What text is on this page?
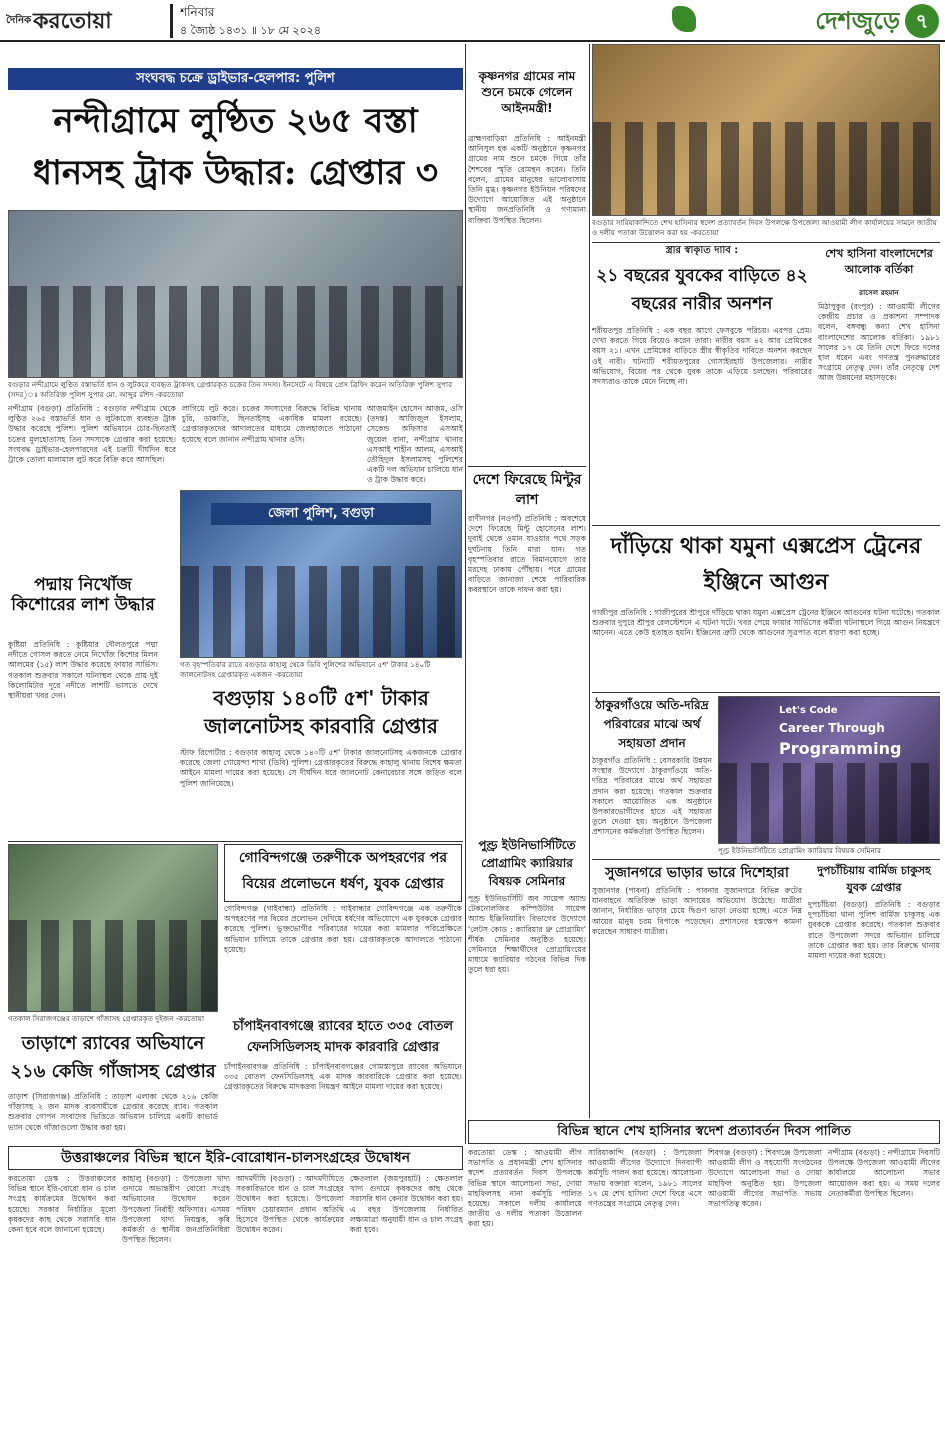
$^{দৈনিক}$করতোয়া	শনিবার
৪ জ্যৈষ্ঠ ১৪৩১ ॥ ১৮ মে ২০২৪	দেশজুড়ে ৭
সংঘবদ্ধ চক্রে ড্রাইভার-হেলপার: পুলিশ
নন্দীগ্রামে লুণ্ঠিত ২৬৫ বস্তা ধানসহ ট্রাক উদ্ধার: গ্রেপ্তার ৩
বগুড়ার নন্দীগ্রামে লুণ্ঠিত বস্তাভর্তি ধান ও লুটকরে ব্যবহৃত ট্রাকসহ গ্রেপ্তারকৃত চক্রের তিন সদস্য। ইনসেটে এ বিষয়ে প্রেস ব্রিফিং করেন অতিরিক্ত পুলিশ সুপার (সদর)ঃ অতিরিক্ত পুলিশ সুপার মো. আব্দুর রশিদ -করতোয়া
নন্দীগ্রাম (বগুড়া) প্রতিনিধি : বগুড়ার নন্দীগ্রাম থেকে লুণ্ঠিত ২৬৫ বস্তাভর্তি ধান ও লুটকাজে ব্যবহৃত ট্রাক উদ্ধার করেছে পুলিশ। পুলিশ অভিযানে চোর-ছিনতাই চক্রের মূলহোতাসহ তিন সদস্যকে গ্রেপ্তার করা হয়েছে। সংঘবদ্ধ ড্রাইভার-হেলপারদের এই চক্রটি দীর্ঘদিন ধরে ট্রাকে তোলা মালামাল লুট করে বিক্রি করে আসছিল।
লাগিয়ে লুট করে। চক্রের সদস্যদের বিরুদ্ধে বিভিন্ন থানায় চুরি, ডাকাতি, ছিনতাইসহ একাধিক মামলা রয়েছে। গ্রেপ্তারকৃতদের আদালতের মাধ্যমে জেলহাজতে পাঠানো হয়েছে বলে জানান নন্দীগ্রাম থানার ওসি।
আজমাইন হোসেন আজম, ওসি (তদন্ত) আজিজুল ইসলাম, সেকেন্ড অফিসার এসআই জুয়েল রানা, নন্দীগ্রাম থানার এসআই শাহীন আলম, এসআই তৌহিদুল ইসলামসহ পুলিশের একটি দল অভিযান চালিয়ে ধান ও ট্রাক উদ্ধার করে।
পদ্মায় নিখোঁজ কিশোরের লাশ উদ্ধার
কুষ্টিয়া প্রতিনিধি : কুষ্টিয়ার দৌলতপুরে পদ্মা নদীতে গোসল করতে নেমে নিখোঁজ কিশোর মিলন আলমের (১৫) লাশ উদ্ধার করেছে ফায়ার সার্ভিস। গতকাল শুক্রবার সকালে ঘটনাস্থল থেকে প্রায় দুই কিলোমিটার দূরে নদীতে লাশটি ভাসতে দেখে স্থানীয়রা খবর দেন।
জেলা পুলিশ, বগুড়া
গত বৃহস্পতিবার রাতে বগুড়ার কাহালু থেকে ডিবি পুলিশের অভিযানে ৫শ' টাকার ১৪০টি জালনোটসহ গ্রেপ্তারকৃত একজন -করতোয়া
বগুড়ায় ১৪০টি ৫শ' টাকার জালনোটসহ কারবারি গ্রেপ্তার
স্টাফ রিপোর্টার : বগুড়ার কাহালু থেকে ১৪০টি ৫শ' টাকার জালনোটসহ একজনকে গ্রেপ্তার করেছে জেলা গোয়েন্দা শাখা (ডিবি) পুলিশ। গ্রেপ্তারকৃতের বিরুদ্ধে কাহালু থানায় বিশেষ ক্ষমতা আইনে মামলা দায়ের করা হয়েছে। সে দীর্ঘদিন ধরে জালনোট কেনাবেচার সঙ্গে জড়িত বলে পুলিশ জানিয়েছে।
দেশে ফিরেছে মিন্টুর লাশ
রাণীনগর (নওগাঁ) প্রতিনিধি : অবশেষে দেশে ফিরেছে মিন্টু হোসেনের লাশ। দুবাই থেকে ওমান যাওয়ার পথে সড়ক দুর্ঘটনায় তিনি মারা যান। গত বৃহস্পতিবার রাতে বিমানযোগে তার মরদেহ ঢাকায় পৌঁছায়। পরে গ্রামের বাড়িতে জানাজা শেষে পারিবারিক কবরস্থানে তাকে দাফন করা হয়।
কৃষ্ণনগর গ্রামের নাম শুনে চমকে গেলেন আইনমন্ত্রী!
ব্রাহ্মণবাড়িয়া প্রতিনিধি : আইনমন্ত্রী আনিসুল হক একটি অনুষ্ঠানে কৃষ্ণনগর গ্রামের নাম শুনে চমকে গিয়ে তাঁর শৈশবের স্মৃতি রোমন্থন করেন। তিনি বলেন, গ্রামের মানুষের ভালোবাসায় তিনি মুগ্ধ। কৃষ্ণনগর ইউনিয়ন পরিষদের উদ্যোগে আয়োজিত এই অনুষ্ঠানে স্থানীয় জনপ্রতিনিধি ও গণ্যমান্য ব্যক্তিরা উপস্থিত ছিলেন।	বগুড়ার সারিয়াকান্দিতে শেখ হাসিনার স্বদেশ প্রত্যাবর্তন দিবস উপলক্ষে উপজেলা আওয়ামী লীগ কার্যালয়ের সামনে জাতীয় ও দলীয় পতাকা উত্তোলন করা হয় -করতোয়া
স্ত্রীর স্বীকৃতি দাবি :
২১ বছরের যুবকের বাড়িতে ৪২ বছরের নারীর অনশন
শরীয়তপুর প্রতিনিধি : এক বছর আগে ফেসবুকে পরিচয়। এরপর প্রেম। দেখা করতে গিয়ে বিয়েও করেন তারা। নারীর বয়স ৪২ আর প্রেমিকের বয়স ২১। এখন প্রেমিকের বাড়িতে স্ত্রীর স্বীকৃতির দাবিতে অনশন করছেন ওই নারী। ঘটনাটি শরীয়তপুরের গোসাইরহাট উপজেলার। নারীর অভিযোগ, বিয়ের পর থেকে যুবক তাকে এড়িয়ে চলছেন। পরিবারের সদস্যরাও তাকে মেনে নিচ্ছে না।
শেখ হাসিনা বাংলাদেশের আলোক বর্তিকা
রাসেল রহমান
মিঠাপুকুর (রংপুর) : আওয়ামী লীগের কেন্দ্রীয় প্রচার ও প্রকাশনা সম্পাদক বলেন, বঙ্গবন্ধু কন্যা শেখ হাসিনা বাংলাদেশের আলোক বর্তিকা। ১৯৮১ সালের ১৭ মে তিনি দেশে ফিরে দলের হাল ধরেন এবং গণতন্ত্র পুনরুদ্ধারের সংগ্রামে নেতৃত্ব দেন। তাঁর নেতৃত্বে দেশ আজ উন্নয়নের মহাসড়কে।
দাঁড়িয়ে থাকা যমুনা এক্সপ্রেস ট্রেনের ইঞ্জিনে আগুন
গাজীপুর প্রতিনিধি : গাজীপুরের শ্রীপুরে দাঁড়িয়ে থাকা যমুনা এক্সপ্রেস ট্রেনের ইঞ্জিনে আগুনের ঘটনা ঘটেছে। গতকাল শুক্রবার দুপুরে শ্রীপুর রেলস্টেশনে এ ঘটনা ঘটে। খবর পেয়ে ফায়ার সার্ভিসের কর্মীরা ঘটনাস্থলে গিয়ে আগুন নিয়ন্ত্রণে আনেন। এতে কেউ হতাহত হয়নি। ইঞ্জিনের ত্রুটি থেকে আগুনের সূত্রপাত বলে ধারণা করা হচ্ছে।
Let's Code
Career Through
Programming
পুণ্ড্র ইউনিভার্সিটিতে প্রোগ্রামিং ক্যারিয়ার বিষয়ক সেমিনার
ঠাকুরগাঁওয়ে অতি-দরিদ্র পরিবারের মাঝে অর্থ সহায়তা প্রদান
ঠাকুরগাঁও প্রতিনিধি : বেসরকারি উন্নয়ন সংস্থার উদ্যোগে ঠাকুরগাঁওয়ে অতি-দরিদ্র পরিবারের মাঝে অর্থ সহায়তা প্রদান করা হয়েছে। গতকাল শুক্রবার সকালে আয়োজিত এক অনুষ্ঠানে উপকারভোগীদের হাতে এই সহায়তা তুলে দেওয়া হয়। অনুষ্ঠানে উপজেলা প্রশাসনের কর্মকর্তারা উপস্থিত ছিলেন।
পুণ্ড্র ইউনিভার্সিটিতে প্রোগ্রামিং ক্যারিয়ার বিষয়ক সেমিনার
পুণ্ড্র ইউনিভার্সিটি অব সায়েন্স অ্যান্ড টেকনোলজির কম্পিউটার সায়েন্স অ্যান্ড ইঞ্জিনিয়ারিং বিভাগের উদ্যোগে 'লেটস কোড : ক্যারিয়ার থ্রু প্রোগ্রামিং' শীর্ষক সেমিনার অনুষ্ঠিত হয়েছে। সেমিনারে শিক্ষার্থীদের প্রোগ্রামিংয়ের মাধ্যমে ক্যারিয়ার গঠনের বিভিন্ন দিক তুলে ধরা হয়।
গতকাল সিরাজগঞ্জের তাড়াশে গাঁজাসহ গ্রেপ্তারকৃত দুইজন -করতোয়া
গোবিন্দগঞ্জে তরুণীকে অপহরণের পর বিয়ের প্রলোভনে ধর্ষণ, যুবক গ্রেপ্তার
গোবিন্দগঞ্জ (গাইবান্ধা) প্রতিনিধি : গাইবান্ধার গোবিন্দগঞ্জে এক তরুণীকে অপহরণের পর বিয়ের প্রলোভন দেখিয়ে ধর্ষণের অভিযোগে এক যুবককে গ্রেপ্তার করেছে পুলিশ। ভুক্তভোগীর পরিবারের দায়ের করা মামলার পরিপ্রেক্ষিতে অভিযান চালিয়ে তাকে গ্রেপ্তার করা হয়। গ্রেপ্তারকৃতকে আদালতে পাঠানো হয়েছে।
তাড়াশে র‌্যাবের অভিযানে ২১৬ কেজি গাঁজাসহ গ্রেপ্তার
তাড়াশ (সিরাজগঞ্জ) প্রতিনিধি : তাড়াশ এলাকা থেকে ২১৬ কেজি গাঁজাসহ ২ জন মাদক ব্যবসায়ীকে গ্রেপ্তার করেছে র‌্যাব। গতকাল শুক্রবার গোপন সংবাদের ভিত্তিতে অভিযান চালিয়ে একটি কাভার্ড ভ্যান থেকে গাঁজাগুলো উদ্ধার করা হয়।
চাঁপাইনবাবগঞ্জে র‌্যাবের হাতে ৩৩৫ বোতল ফেনসিডিলসহ মাদক কারবারি গ্রেপ্তার
চাঁপাইনবাবগঞ্জ প্রতিনিধি : চাঁপাইনবাবগঞ্জের গোমস্তাপুরে র‌্যাবের অভিযানে ৩৩৫ বোতল ফেনসিডিলসহ এক মাদক কারবারিকে গ্রেপ্তার করা হয়েছে। গ্রেপ্তারকৃতের বিরুদ্ধে মাদকদ্রব্য নিয়ন্ত্রণ আইনে মামলা দায়ের করা হয়েছে।
সুজানগরে ভাড়ার ভারে দিশেহারা
সুজানগর (পাবনা) প্রতিনিধি : পাবনার সুজানগরে বিভিন্ন রুটের যানবাহনে অতিরিক্ত ভাড়া আদায়ের অভিযোগ উঠেছে। যাত্রীরা জানান, নির্ধারিত ভাড়ার চেয়ে দ্বিগুণ ভাড়া নেওয়া হচ্ছে। এতে নিম্ন আয়ের মানুষ চরম বিপাকে পড়েছেন। প্রশাসনের হস্তক্ষেপ কামনা করেছেন সাধারণ যাত্রীরা।
দুপচাঁচিয়ায় বার্মিজ চাকুসহ যুবক গ্রেপ্তার
দুপচাঁচিয়া (বগুড়া) প্রতিনিধি : বগুড়ার দুপচাঁচিয়া থানা পুলিশ বার্মিজ চাকুসহ এক যুবককে গ্রেপ্তার করেছে। গতকাল শুক্রবার রাতে উপজেলা সদরে অভিযান চালিয়ে তাকে গ্রেপ্তার করা হয়। তার বিরুদ্ধে থানায় মামলা দায়ের করা হয়েছে।
উত্তরাঞ্চলের বিভিন্ন স্থানে ইরি-বোরোধান-চালসংগ্রহের উদ্বোধন
করতোয়া ডেস্ক : উত্তরাঞ্চলের বিভিন্ন স্থানে ইরি-বোরো ধান ও চাল সংগ্রহ কার্যক্রমের উদ্বোধন করা হয়েছে। সরকার নির্ধারিত মূল্যে কৃষকদের কাছ থেকে সরাসরি ধান কেনা হবে বলে জানানো হয়েছে।
কাহালু (বগুড়া) : উপজেলা খাদ্য গুদামে অভ্যন্তরীণ বোরো সংগ্রহ অভিযানের উদ্বোধন করেন উপজেলা নির্বাহী অফিসার। এসময় উপজেলা খাদ্য নিয়ন্ত্রক, কৃষি কর্মকর্তা ও স্থানীয় জনপ্রতিনিধিরা উপস্থিত ছিলেন।
আদমদীঘি (বগুড়া) : আদমদীঘিতে সরকারিভাবে ধান ও চাল সংগ্রহের উদ্বোধন করা হয়েছে। উপজেলা পরিষদ চেয়ারম্যান প্রধান অতিথি হিসেবে উপস্থিত থেকে কার্যক্রমের উদ্বোধন করেন।
ক্ষেতলাল (জয়পুরহাট) : ক্ষেতলাল খাদ্য গুদামে কৃষকদের কাছ থেকে সরাসরি ধান কেনার উদ্বোধন করা হয়। এ বছর উপজেলায় নির্ধারিত লক্ষ্যমাত্রা অনুযায়ী ধান ও চাল সংগ্রহ করা হবে।
বিভিন্ন স্থানে শেখ হাসিনার স্বদেশ প্রত্যাবর্তন দিবস পালিত
করতোয়া ডেস্ক : আওয়ামী লীগ সভাপতি ও প্রধানমন্ত্রী শেখ হাসিনার স্বদেশ প্রত্যাবর্তন দিবস উপলক্ষে বিভিন্ন স্থানে আলোচনা সভা, দোয়া মাহফিলসহ নানা কর্মসূচি পালিত হয়েছে। সকালে দলীয় কার্যালয়ে জাতীয় ও দলীয় পতাকা উত্তোলন করা হয়।
সারিয়াকান্দি (বগুড়া) : উপজেলা আওয়ামী লীগের উদ্যোগে দিনব্যাপী কর্মসূচি পালন করা হয়েছে। আলোচনা সভায় বক্তারা বলেন, ১৯৮১ সালের ১৭ মে শেখ হাসিনা দেশে ফিরে এসে গণতন্ত্রের সংগ্রামে নেতৃত্ব দেন।
শিবগঞ্জ (বগুড়া) : শিবগঞ্জে উপজেলা আওয়ামী লীগ ও সহযোগী সংগঠনের উদ্যোগে আলোচনা সভা ও দোয়া মাহফিল অনুষ্ঠিত হয়। উপজেলা আওয়ামী লীগের সভাপতি সভায় সভাপতিত্ব করেন।
নন্দীগ্রাম (বগুড়া) : নন্দীগ্রামে দিবসটি উপলক্ষে উপজেলা আওয়ামী লীগের কার্যালয়ে আলোচনা সভার আয়োজন করা হয়। এ সময় দলের নেতাকর্মীরা উপস্থিত ছিলেন।
